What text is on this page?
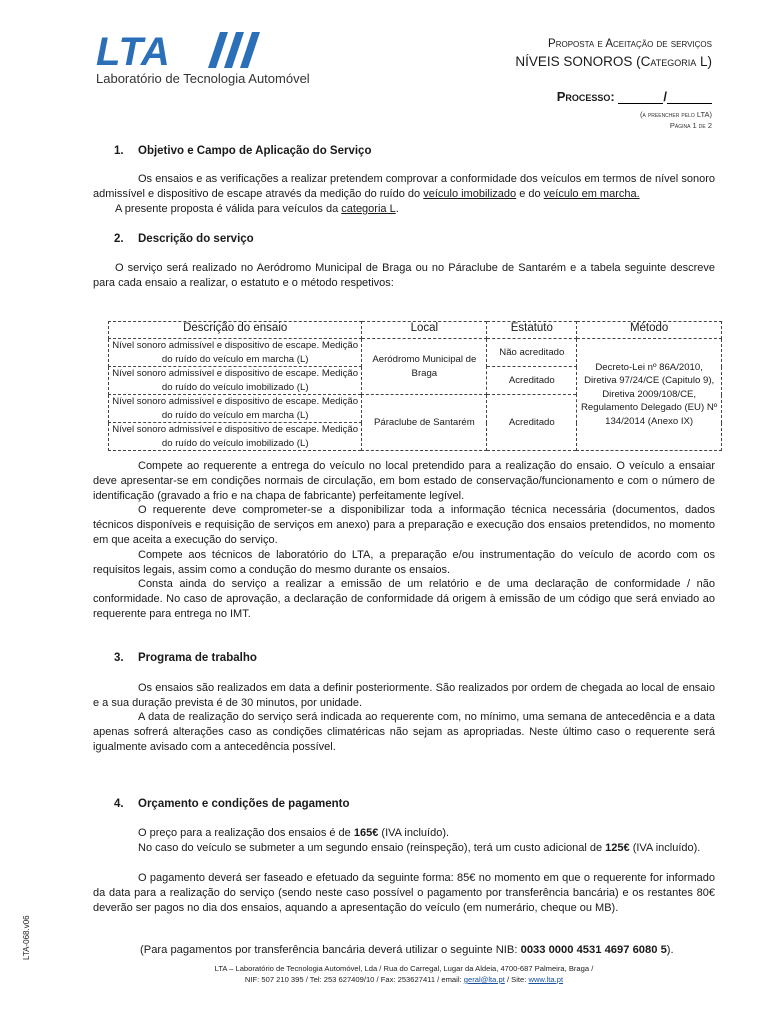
LTA
Laboratório de Tecnologia Automóvel
Proposta e Aceitação de serviços
NÍVEIS SONOROS (Categoria L)
Processo:	/
(a preencher pelo LTA)
Página 1 de 2
1. Objetivo e Campo de Aplicação do Serviço
Os ensaios e as verificações a realizar pretendem comprovar a conformidade dos veículos em termos de nível sonoro admissível e dispositivo de escape através da medição do ruído do veículo imobilizado e do veículo em marcha.
A presente proposta é válida para veículos da categoria L.
2. Descrição do serviço
O serviço será realizado no Aeródromo Municipal de Braga ou no Páraclube de Santarém e a tabela seguinte descreve para cada ensaio a realizar, o estatuto e o método respetivos:
Descrição do ensaio	Local	Estatuto	Método
Nível sonoro admissível e dispositivo de escape. Medição do ruído do veículo em marcha (L)	Aeródromo Municipal de Braga	Não acreditado	Decreto-Lei nº 86A/2010, Diretiva 97/24/CE (Capitulo 9), Diretiva 2009/108/CE, Regulamento Delegado (EU) Nº 134/2014 (Anexo IX)
Nível sonoro admissível e dispositivo de escape. Medição do ruído do veículo imobilizado (L)		Acreditado	
Nível sonoro admissível e dispositivo de escape. Medição do ruído do veículo em marcha (L)	Páraclube de Santarém	Acreditado	
Nível sonoro admissível e dispositivo de escape. Medição do ruído do veículo imobilizado (L)			
Compete ao requerente a entrega do veículo no local pretendido para a realização do ensaio. O veículo a ensaiar deve apresentar-se em condições normais de circulação, em bom estado de conservação/funcionamento e com o número de identificação (gravado a frio e na chapa de fabricante) perfeitamente legível.
O requerente deve comprometer-se a disponibilizar toda a informação técnica necessária (documentos, dados técnicos disponíveis e requisição de serviços em anexo) para a preparação e execução dos ensaios pretendidos, no momento em que aceita a execução do serviço.
Compete aos técnicos de laboratório do LTA, a preparação e/ou instrumentação do veículo de acordo com os requisitos legais, assim como a condução do mesmo durante os ensaios.
Consta ainda do serviço a realizar a emissão de um relatório e de uma declaração de conformidade / não conformidade. No caso de aprovação, a declaração de conformidade dá origem à emissão de um código que será enviado ao requerente para entrega no IMT.
3. Programa de trabalho
Os ensaios são realizados em data a definir posteriormente. São realizados por ordem de chegada ao local de ensaio e a sua duração prevista é de 30 minutos, por unidade.
A data de realização do serviço será indicada ao requerente com, no mínimo, uma semana de antecedência e a data apenas sofrerá alterações caso as condições climatéricas não sejam as apropriadas. Neste último caso o requerente será igualmente avisado com a antecedência possível.
4. Orçamento e condições de pagamento
O preço para a realização dos ensaios é de 165€ (IVA incluído).
No caso do veículo se submeter a um segundo ensaio (reinspeção), terá um custo adicional de 125€ (IVA incluído).
O pagamento deverá ser faseado e efetuado da seguinte forma: 85€ no momento em que o requerente for informado da data para a realização do serviço (sendo neste caso possível o pagamento por transferência bancária) e os restantes 80€ deverão ser pagos no dia dos ensaios, aquando a apresentação do veículo (em numerário, cheque ou MB).
(Para pagamentos por transferência bancária deverá utilizar o seguinte NIB: 0033 0000 4531 4697 6080 5).
LTA – Laboratório de Tecnologia Automóvel, Lda / Rua do Carregal, Lugar da Aldeia, 4700-687 Palmeira, Braga /
NIF: 507 210 395 / Tel: 253 627409/10 / Fax: 253627411 / email: geral@lta.pt / Site: www.lta.pt
LTA-068.v06
